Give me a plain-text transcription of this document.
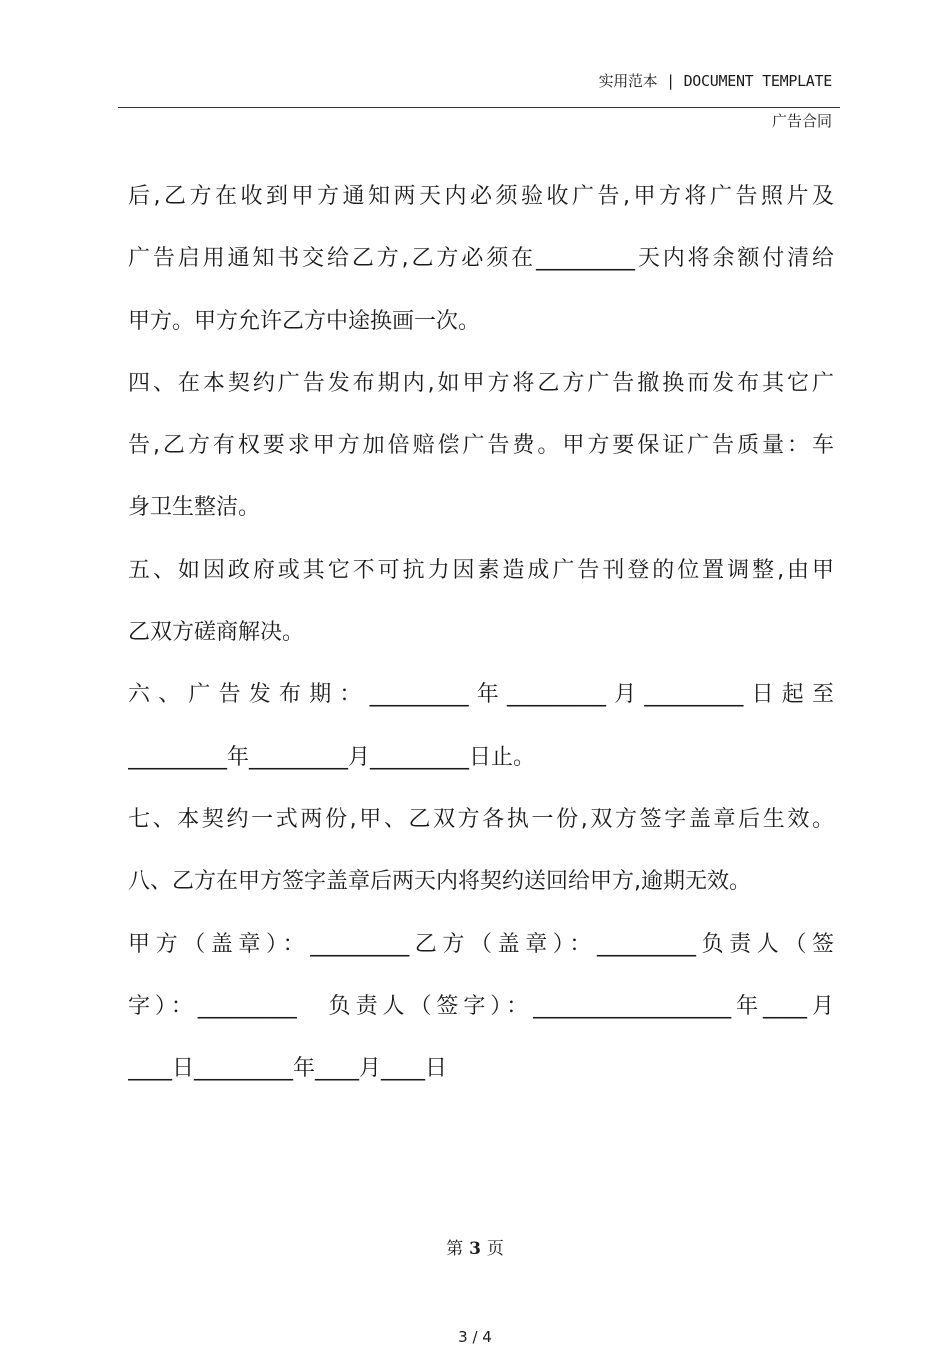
实用范本 | DOCUMENT TEMPLATE
广告合同

后,乙方在收到甲方通知两天内必须验收广告,甲方将广告照片及

广告启用通知书交给乙方,乙方必须在_________天内将余额付清给

甲方。甲方允许乙方中途换画一次。

四、在本契约广告发布期内,如甲方将乙方广告撤换而发布其它广

告,乙方有权要求甲方加倍赔偿广告费。甲方要保证广告质量：车

身卫生整洁。

五、如因政府或其它不可抗力因素造成广告刊登的位置调整,由甲

乙双方磋商解决。

六、广告发布期：_________年_________月_________日起至

_________年_________月_________日止。

七、本契约一式两份,甲、乙双方各执一份,双方签字盖章后生效。

八、乙方在甲方签字盖章后两天内将契约送回给甲方,逾期无效。

甲方（盖章）：_________乙方（盖章）：_________负责人（签

字）：_________　负责人（签字）：__________________年____月

____日_________年____月____日

第 3 页
3 / 4
